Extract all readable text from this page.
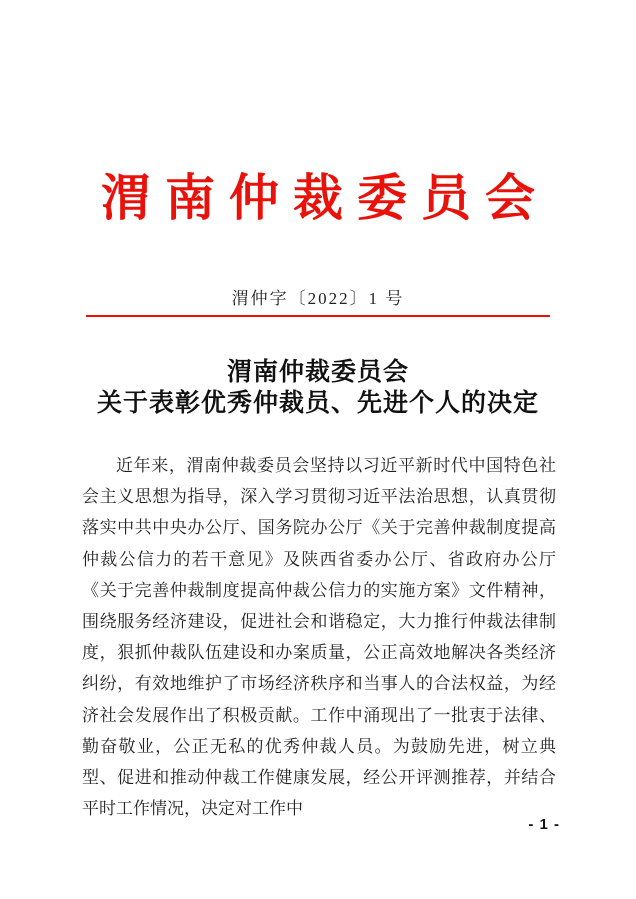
渭南仲裁委员会
渭仲字〔2022〕1 号
渭南仲裁委员会
关于表彰优秀仲裁员、先进个人的决定

近年来，渭南仲裁委员会坚持以习近平新时代中国特色社会主义思想为指导，深入学习贯彻习近平法治思想，认真贯彻落实中共中央办公厅、国务院办公厅《关于完善仲裁制度提高仲裁公信力的若干意见》及陕西省委办公厅、省政府办公厅《关于完善仲裁制度提高仲裁公信力的实施方案》文件精神，围绕服务经济建设，促进社会和谐稳定，大力推行仲裁法律制度，狠抓仲裁队伍建设和办案质量，公正高效地解决各类经济纠纷，有效地维护了市场经济秩序和当事人的合法权益，为经济社会发展作出了积极贡献。工作中涌现出了一批衷于法律、勤奋敬业，公正无私的优秀仲裁人员。为鼓励先进，树立典型、促进和推动仲裁工作健康发展，经公开评测推荐，并结合平时工作情况，决定对工作中

- 1 -
